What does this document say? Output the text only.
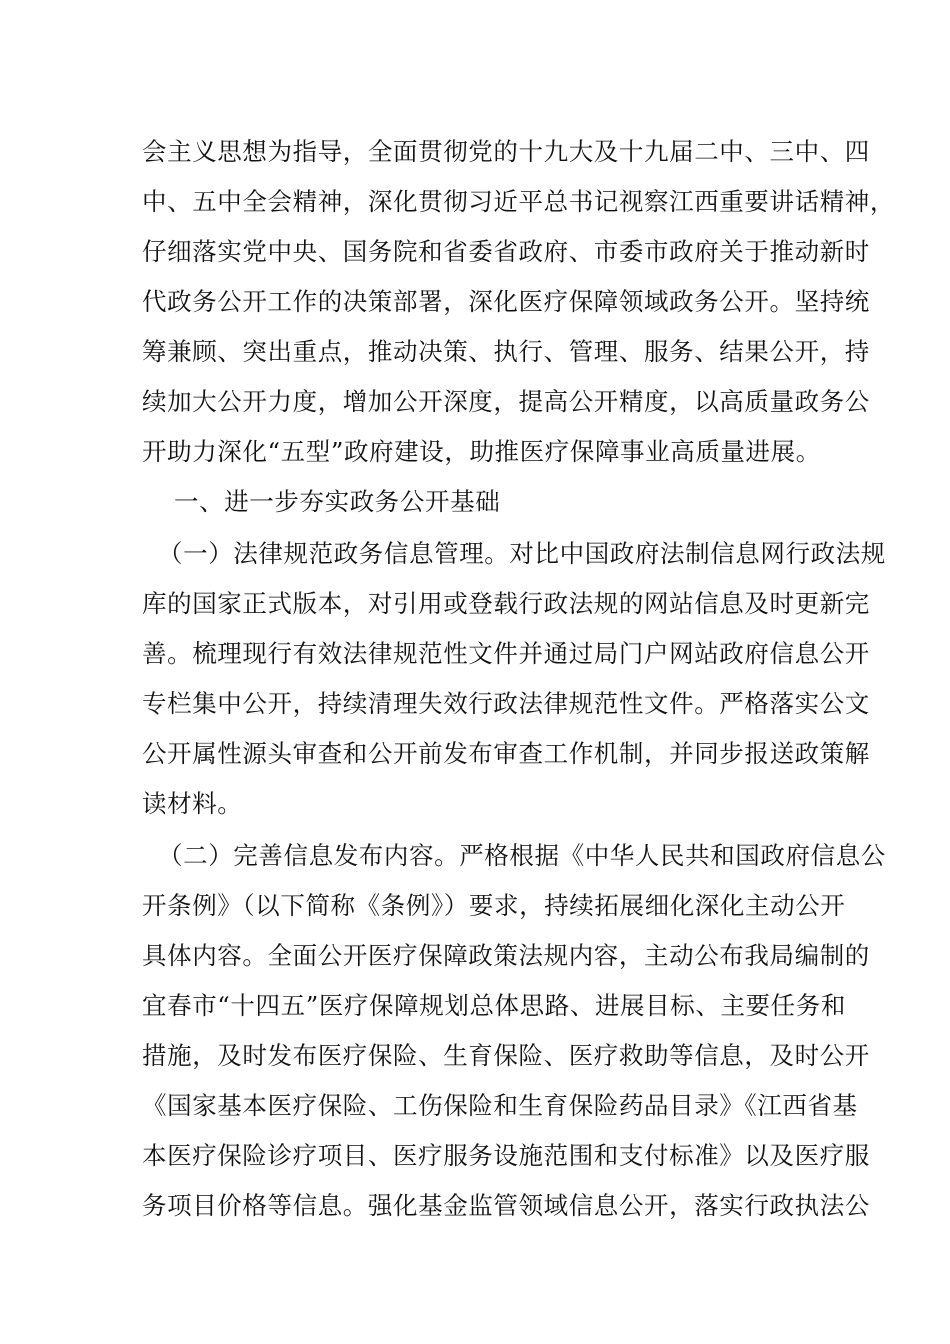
会主义思想为指导，全面贯彻党的十九大及十九届二中、三中、四
中、五中全会精神，深化贯彻习近平总书记视察江西重要讲话精神，
仔细落实党中央、国务院和省委省政府、市委市政府关于推动新时
代政务公开工作的决策部署，深化医疗保障领域政务公开。坚持统
筹兼顾、突出重点，推动决策、执行、管理、服务、结果公开，持
续加大公开力度，增加公开深度，提高公开精度，以高质量政务公
开助力深化“五型”政府建设，助推医疗保障事业高质量进展。
一、进一步夯实政务公开基础
（一）法律规范政务信息管理。对比中国政府法制信息网行政法规
库的国家正式版本，对引用或登载行政法规的网站信息及时更新完
善。梳理现行有效法律规范性文件并通过局门户网站政府信息公开
专栏集中公开，持续清理失效行政法律规范性文件。严格落实公文
公开属性源头审查和公开前发布审查工作机制，并同步报送政策解
读材料。
（二）完善信息发布内容。严格根据《中华人民共和国政府信息公
开条例》（以下简称《条例》）要求，持续拓展细化深化主动公开
具体内容。全面公开医疗保障政策法规内容，主动公布我局编制的
宜春市“十四五”医疗保障规划总体思路、进展目标、主要任务和
措施，及时发布医疗保险、生育保险、医疗救助等信息，及时公开
《国家基本医疗保险、工伤保险和生育保险药品目录》《江西省基
本医疗保险诊疗项目、医疗服务设施范围和支付标准》以及医疗服
务项目价格等信息。强化基金监管领域信息公开，落实行政执法公
